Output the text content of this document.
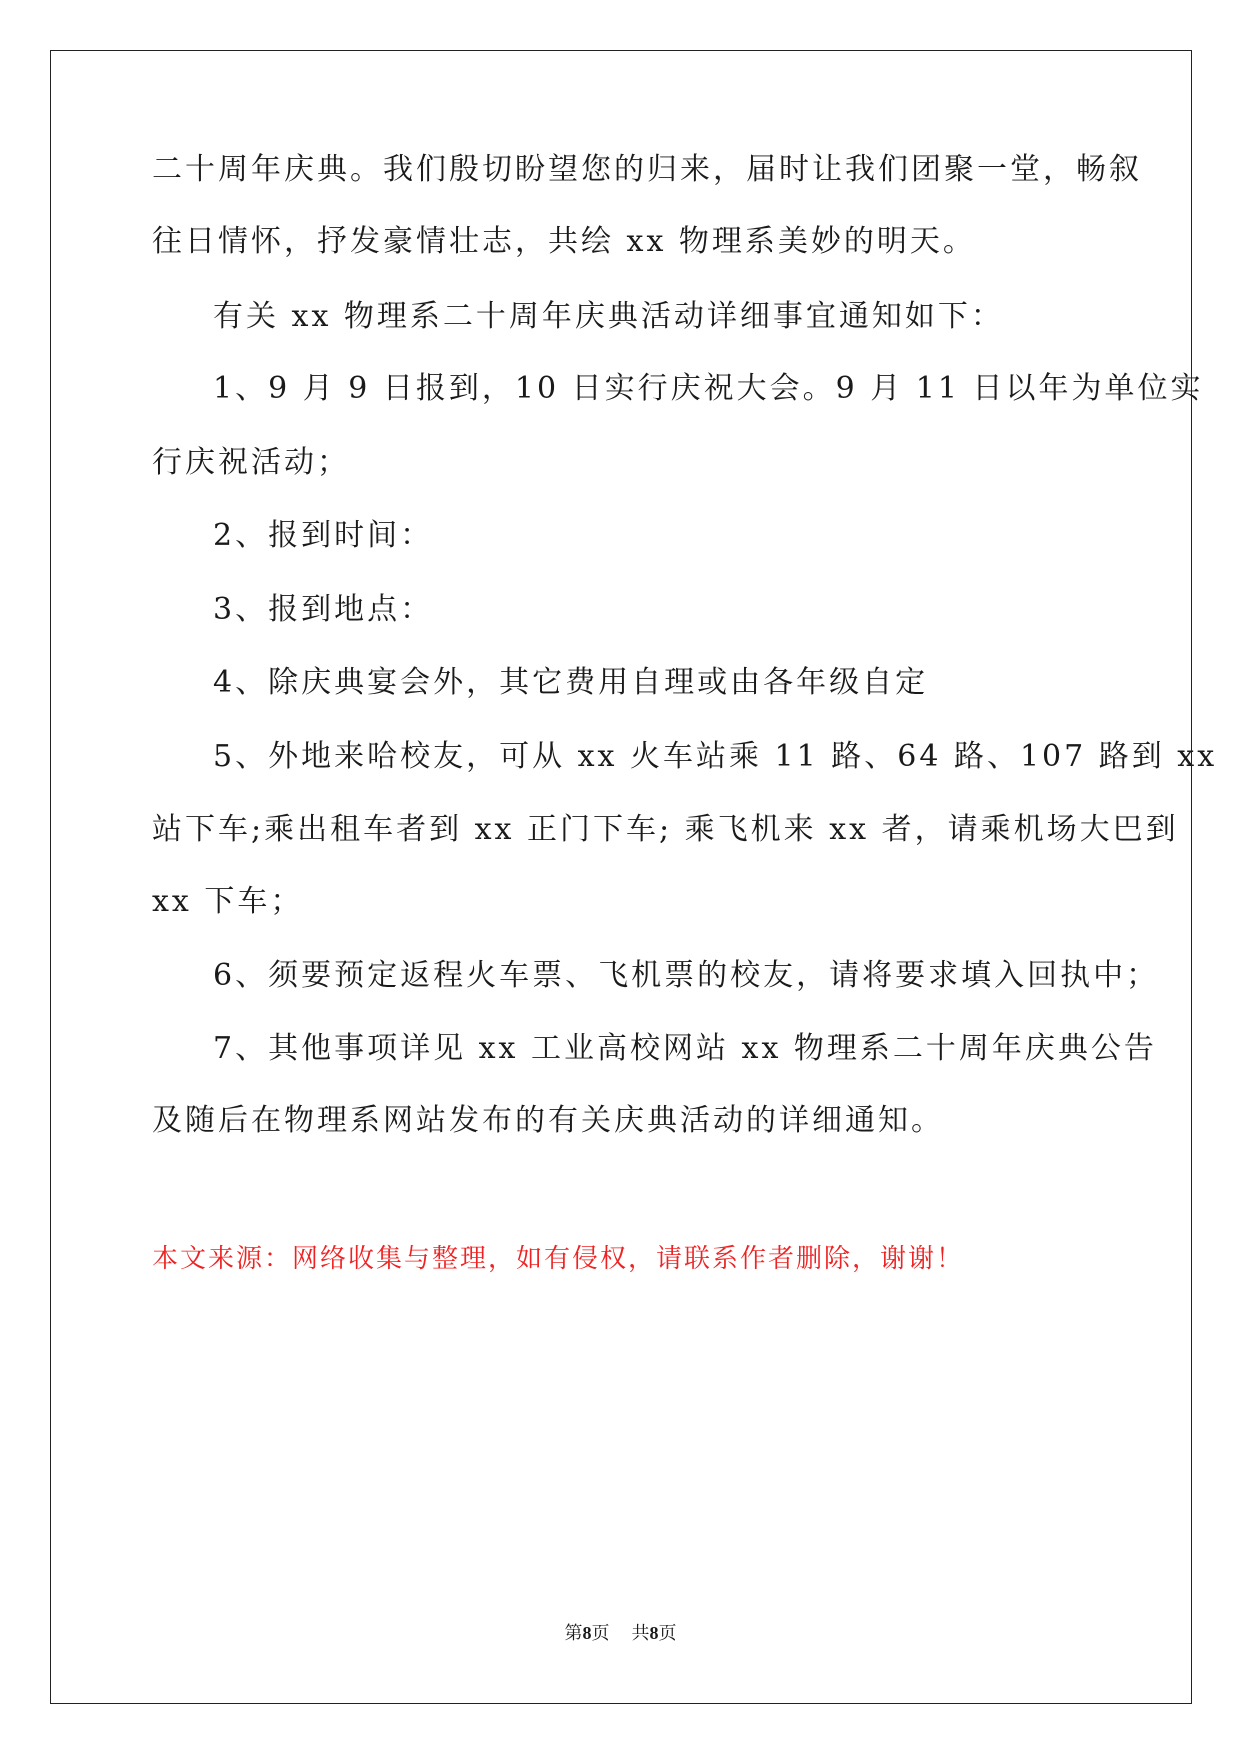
二十周年庆典。我们殷切盼望您的归来，届时让我们团聚一堂，畅叙
往日情怀，抒发豪情壮志，共绘 xx 物理系美妙的明天。
有关 xx 物理系二十周年庆典活动详细事宜通知如下：
1、9 月 9 日报到，10 日实行庆祝大会。9 月 11 日以年为单位实
行庆祝活动；
2、报到时间：
3、报到地点：
4、除庆典宴会外，其它费用自理或由各年级自定
5、外地来哈校友，可从 xx 火车站乘 11 路、64 路、107 路到 xx
站下车;乘出租车者到 xx 正门下车; 乘飞机来 xx 者，请乘机场大巴到
xx 下车；
6、须要预定返程火车票、飞机票的校友，请将要求填入回执中；
7、其他事项详见 xx 工业高校网站 xx 物理系二十周年庆典公告
及随后在物理系网站发布的有关庆典活动的详细通知。
本文来源：网络收集与整理，如有侵权，请联系作者删除，谢谢！
第8页 共8页
